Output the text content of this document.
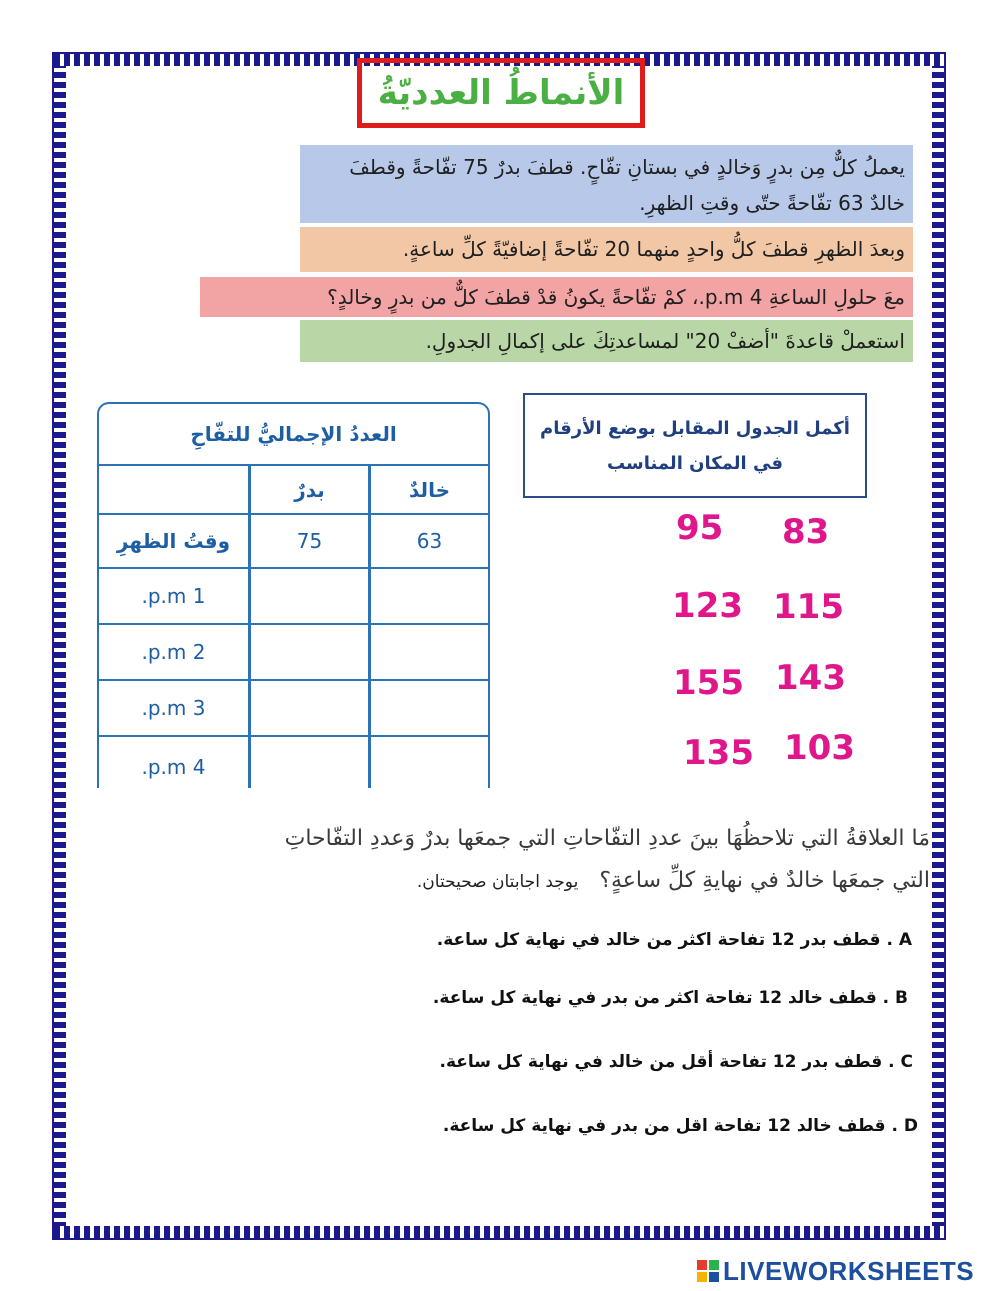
الأنماطُ العدديّةُ
يعملُ كلٌّ مِن بدرٍ وَخالدٍ في بستانِ تفّاحٍ. قطفَ بدرٌ 75 تفّاحةً وقطفَ خالدٌ 63 تفّاحةً حتّى وقتِ الظهرِ.
وبعدَ الظهرِ قطفَ كلُّ واحدٍ منهما 20 تفّاحةً إضافيّةً كلِّ ساعةٍ.
معَ حلولِ الساعةِ 4 p.m.، كمْ تفّاحةً يكونُ قدْ قطفَ كلٌّ من بدرٍ وخالدٍ؟
استعملْ قاعدةَ "أضفْ 20" لمساعدتِكَ على إكمالِ الجدولِ.
أكمل الجدول المقابل بوضع الأرقام
في المكان المناسب
العددُ الإجماليُّ للتفّاحِ
خالدٌ
بدرٌ
63
75
وقتُ الظهرِ
1 p.m.
2 p.m.
3 p.m.
4 p.m.
95 83
123 115
155 143
135 103
مَا العلاقةُ التي تلاحظُهَا بينَ عددِ التفّاحاتِ التي جمعَها بدرٌ وَعددِ التفّاحاتِ
التي جمعَها خالدٌ في نهايةِ كلِّ ساعةٍ؟ يوجد اجابتان صحيحتان.
A . قطف بدر 12 تفاحة اكثر من خالد في نهاية كل ساعة.
B . قطف خالد 12 تفاحة اكثر من بدر في نهاية كل ساعة.
C . قطف بدر 12 تفاحة أقل من خالد في نهاية كل ساعة.
D . قطف خالد 12 تفاحة اقل من بدر في نهاية كل ساعة.
LIVEWORKSHEETS
